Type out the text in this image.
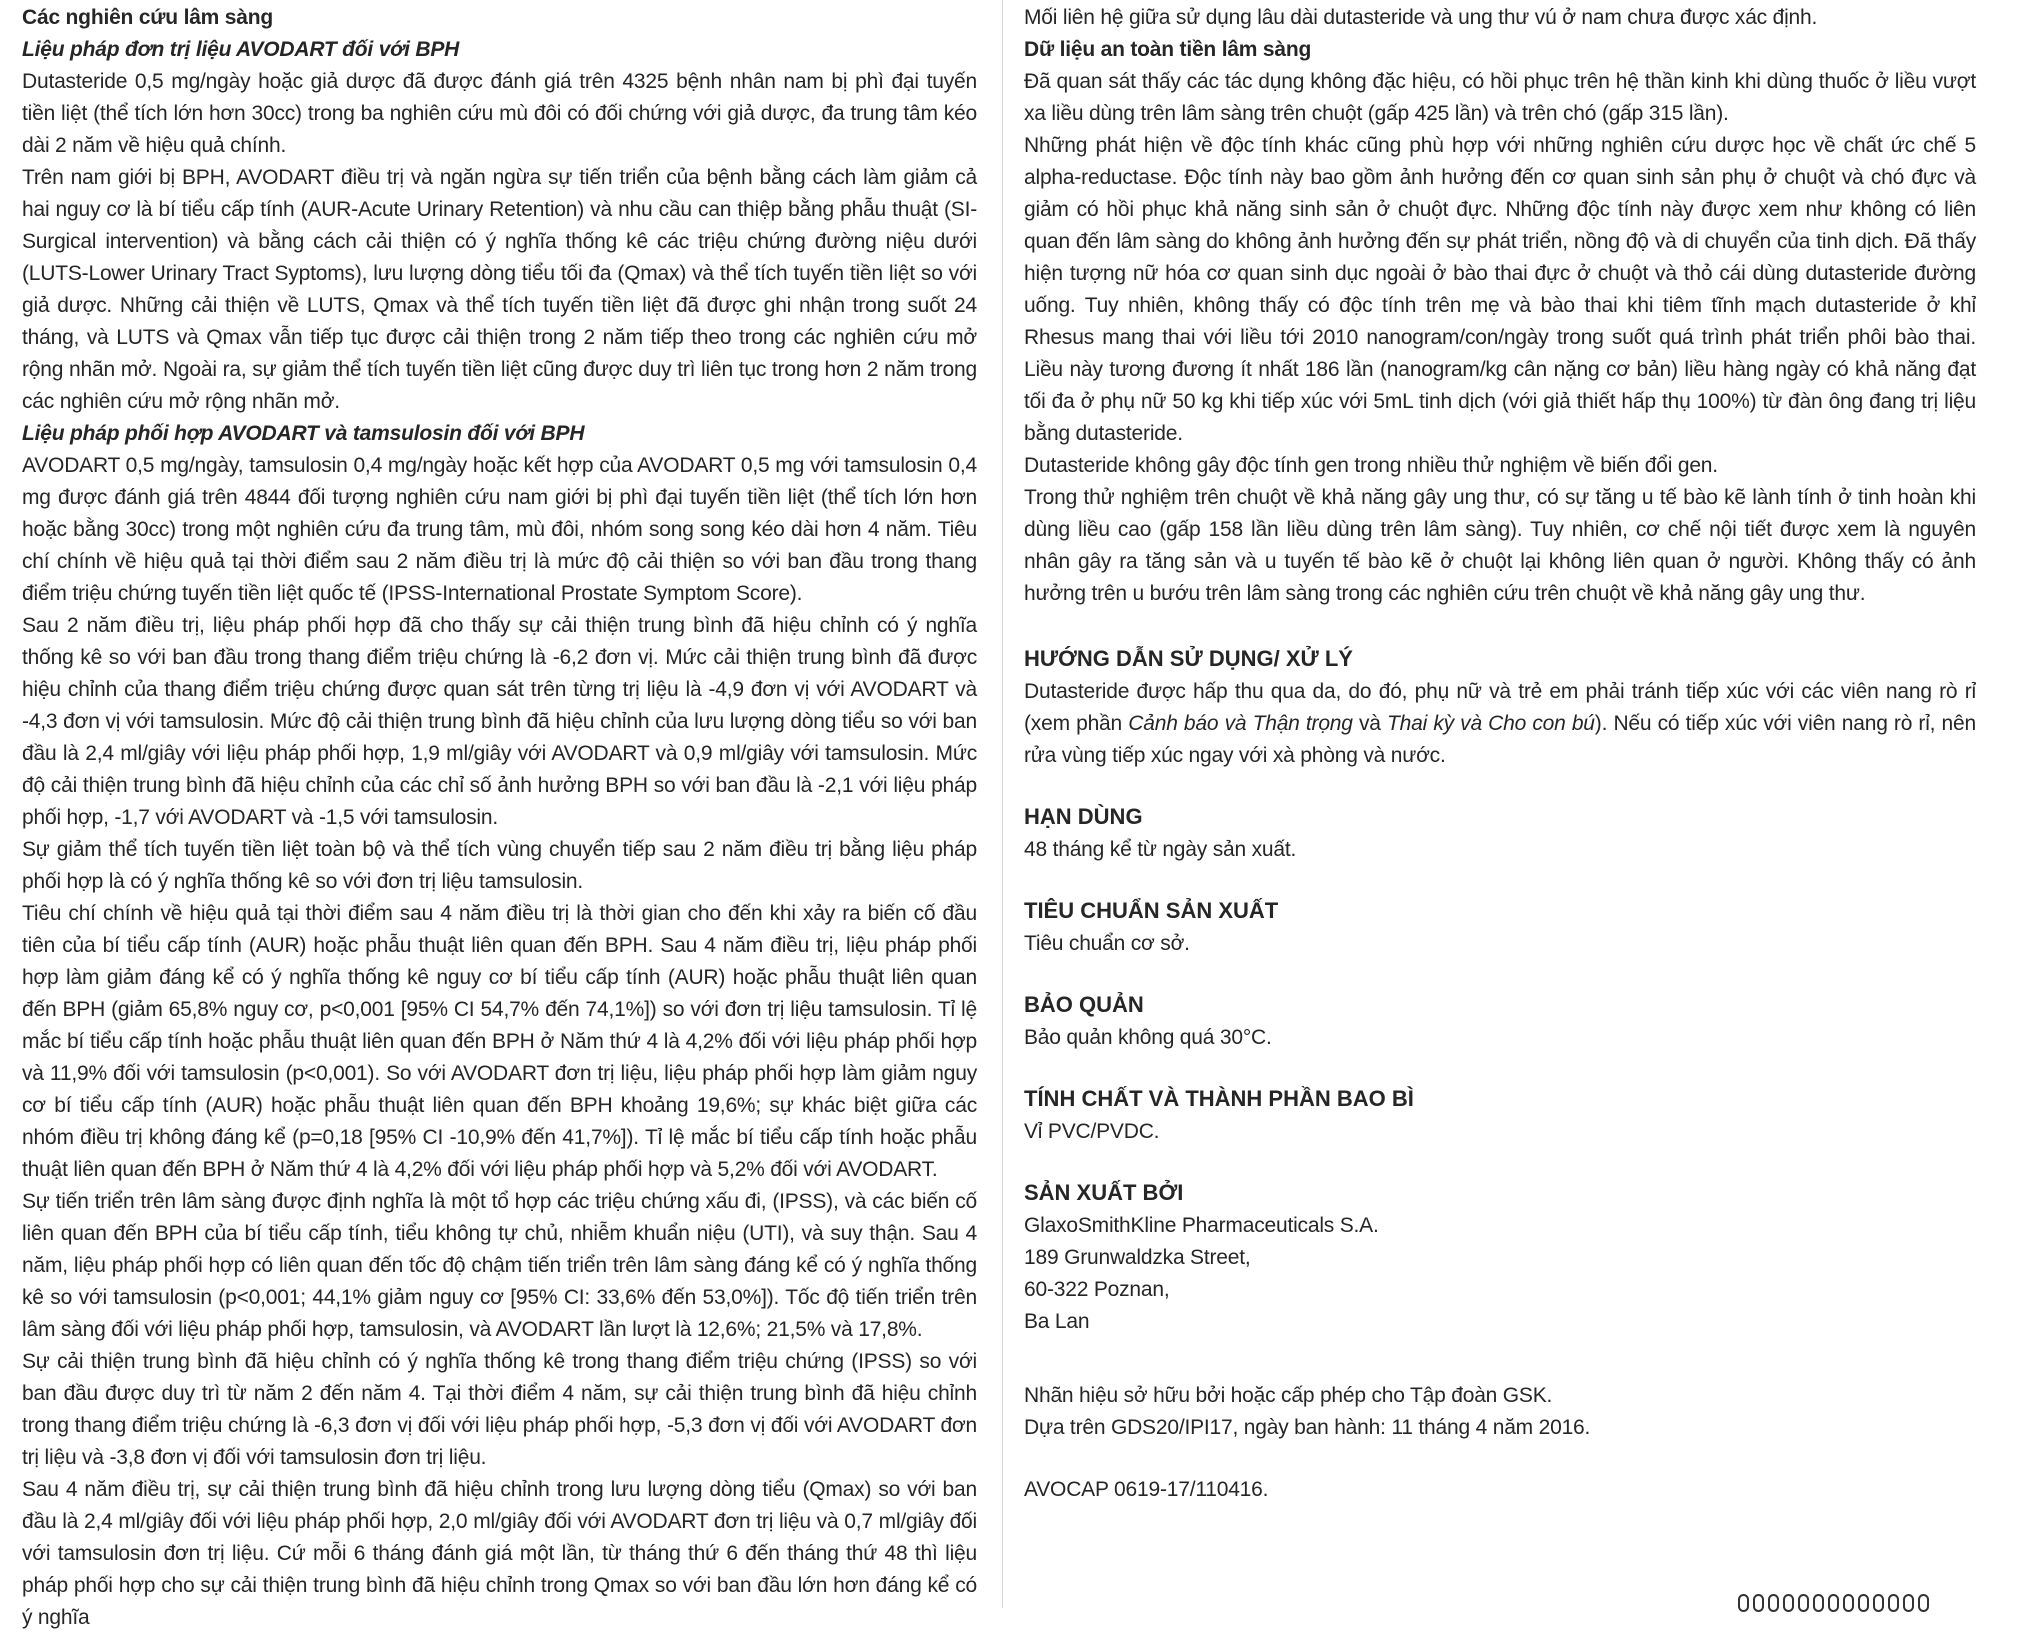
Các nghiên cứu lâm sàng

Liệu pháp đơn trị liệu AVODART đối với BPH

Dutasteride 0,5 mg/ngày hoặc giả dược đã được đánh giá trên 4325 bệnh nhân nam bị phì đại tuyến tiền liệt (thể tích lớn hơn 30cc) trong ba nghiên cứu mù đôi có đối chứng với giả dược, đa trung tâm kéo dài 2 năm về hiệu quả chính.

Trên nam giới bị BPH, AVODART điều trị và ngăn ngừa sự tiến triển của bệnh bằng cách làm giảm cả hai nguy cơ là bí tiểu cấp tính (AUR-Acute Urinary Retention) và nhu cầu can thiệp bằng phẫu thuật (SI-Surgical intervention) và bằng cách cải thiện có ý nghĩa thống kê các triệu chứng đường niệu dưới (LUTS-Lower Urinary Tract Syptoms), lưu lượng dòng tiểu tối đa (Qmax) và thể tích tuyến tiền liệt so với giả dược. Những cải thiện về LUTS, Qmax và thể tích tuyến tiền liệt đã được ghi nhận trong suốt 24 tháng, và LUTS và Qmax vẫn tiếp tục được cải thiện trong 2 năm tiếp theo trong các nghiên cứu mở rộng nhãn mở. Ngoài ra, sự giảm thể tích tuyến tiền liệt cũng được duy trì liên tục trong hơn 2 năm trong các nghiên cứu mở rộng nhãn mở.

Liệu pháp phối hợp AVODART và tamsulosin đối với BPH

AVODART 0,5 mg/ngày, tamsulosin 0,4 mg/ngày hoặc kết hợp của AVODART 0,5 mg với tamsulosin 0,4 mg được đánh giá trên 4844 đối tượng nghiên cứu nam giới bị phì đại tuyến tiền liệt (thể tích lớn hơn hoặc bằng 30cc) trong một nghiên cứu đa trung tâm, mù đôi, nhóm song song kéo dài hơn 4 năm. Tiêu chí chính về hiệu quả tại thời điểm sau 2 năm điều trị là mức độ cải thiện so với ban đầu trong thang điểm triệu chứng tuyến tiền liệt quốc tế (IPSS-International Prostate Symptom Score).

Sau 2 năm điều trị, liệu pháp phối hợp đã cho thấy sự cải thiện trung bình đã hiệu chỉnh có ý nghĩa thống kê so với ban đầu trong thang điểm triệu chứng là -6,2 đơn vị. Mức cải thiện trung bình đã được hiệu chỉnh của thang điểm triệu chứng được quan sát trên từng trị liệu là -4,9 đơn vị với AVODART và -4,3 đơn vị với tamsulosin. Mức độ cải thiện trung bình đã hiệu chỉnh của lưu lượng dòng tiểu so với ban đầu là 2,4 ml/giây với liệu pháp phối hợp, 1,9 ml/giây với AVODART và 0,9 ml/giây với tamsulosin. Mức độ cải thiện trung bình đã hiệu chỉnh của các chỉ số ảnh hưởng BPH so với ban đầu là -2,1 với liệu pháp phối hợp, -1,7 với AVODART và -1,5 với tamsulosin.

Sự giảm thể tích tuyến tiền liệt toàn bộ và thể tích vùng chuyển tiếp sau 2 năm điều trị bằng liệu pháp phối hợp là có ý nghĩa thống kê so với đơn trị liệu tamsulosin.

Tiêu chí chính về hiệu quả tại thời điểm sau 4 năm điều trị là thời gian cho đến khi xảy ra biến cố đầu tiên của bí tiểu cấp tính (AUR) hoặc phẫu thuật liên quan đến BPH. Sau 4 năm điều trị, liệu pháp phối hợp làm giảm đáng kể có ý nghĩa thống kê nguy cơ bí tiểu cấp tính (AUR) hoặc phẫu thuật liên quan đến BPH (giảm 65,8% nguy cơ, p<0,001 [95% CI 54,7% đến 74,1%]) so với đơn trị liệu tamsulosin. Tỉ lệ mắc bí tiểu cấp tính hoặc phẫu thuật liên quan đến BPH ở Năm thứ 4 là 4,2% đối với liệu pháp phối hợp và 11,9% đối với tamsulosin (p<0,001). So với AVODART đơn trị liệu, liệu pháp phối hợp làm giảm nguy cơ bí tiểu cấp tính (AUR) hoặc phẫu thuật liên quan đến BPH khoảng 19,6%; sự khác biệt giữa các nhóm điều trị không đáng kể (p=0,18 [95% CI -10,9% đến 41,7%]). Tỉ lệ mắc bí tiểu cấp tính hoặc phẫu thuật liên quan đến BPH ở Năm thứ 4 là 4,2% đối với liệu pháp phối hợp và 5,2% đối với AVODART.

Sự tiến triển trên lâm sàng được định nghĩa là một tổ hợp các triệu chứng xấu đi, (IPSS), và các biến cố liên quan đến BPH của bí tiểu cấp tính, tiểu không tự chủ, nhiễm khuẩn niệu (UTI), và suy thận. Sau 4 năm, liệu pháp phối hợp có liên quan đến tốc độ chậm tiến triển trên lâm sàng đáng kể có ý nghĩa thống kê so với tamsulosin (p<0,001; 44,1% giảm nguy cơ [95% CI: 33,6% đến 53,0%]). Tốc độ tiến triển trên lâm sàng đối với liệu pháp phối hợp, tamsulosin, và AVODART lần lượt là 12,6%; 21,5% và 17,8%.

Sự cải thiện trung bình đã hiệu chỉnh có ý nghĩa thống kê trong thang điểm triệu chứng (IPSS) so với ban đầu được duy trì từ năm 2 đến năm 4. Tại thời điểm 4 năm, sự cải thiện trung bình đã hiệu chỉnh trong thang điểm triệu chứng là -6,3 đơn vị đối với liệu pháp phối hợp, -5,3 đơn vị đối với AVODART đơn trị liệu và -3,8 đơn vị đối với tamsulosin đơn trị liệu.

Sau 4 năm điều trị, sự cải thiện trung bình đã hiệu chỉnh trong lưu lượng dòng tiểu (Qmax) so với ban đầu là 2,4 ml/giây đối với liệu pháp phối hợp, 2,0 ml/giây đối với AVODART đơn trị liệu và 0,7 ml/giây đối với tamsulosin đơn trị liệu. Cứ mỗi 6 tháng đánh giá một lần, từ tháng thứ 6 đến tháng thứ 48 thì liệu pháp phối hợp cho sự cải thiện trung bình đã hiệu chỉnh trong Qmax so với ban đầu lớn hơn đáng kể có ý nghĩa

Mối liên hệ giữa sử dụng lâu dài dutasteride và ung thư vú ở nam chưa được xác định.

Dữ liệu an toàn tiền lâm sàng

Đã quan sát thấy các tác dụng không đặc hiệu, có hồi phục trên hệ thần kinh khi dùng thuốc ở liều vượt xa liều dùng trên lâm sàng trên chuột (gấp 425 lần) và trên chó (gấp 315 lần).

Những phát hiện về độc tính khác cũng phù hợp với những nghiên cứu dược học về chất ức chế 5 alpha-reductase. Độc tính này bao gồm ảnh hưởng đến cơ quan sinh sản phụ ở chuột và chó đực và giảm có hồi phục khả năng sinh sản ở chuột đực. Những độc tính này được xem như không có liên quan đến lâm sàng do không ảnh hưởng đến sự phát triển, nồng độ và di chuyển của tinh dịch. Đã thấy hiện tượng nữ hóa cơ quan sinh dục ngoài ở bào thai đực ở chuột và thỏ cái dùng dutasteride đường uống. Tuy nhiên, không thấy có độc tính trên mẹ và bào thai khi tiêm tĩnh mạch dutasteride ở khỉ Rhesus mang thai với liều tới 2010 nanogram/con/ngày trong suốt quá trình phát triển phôi bào thai. Liều này tương đương ít nhất 186 lần (nanogram/kg cân nặng cơ bản) liều hàng ngày có khả năng đạt tối đa ở phụ nữ 50 kg khi tiếp xúc với 5mL tinh dịch (với giả thiết hấp thụ 100%) từ đàn ông đang trị liệu bằng dutasteride.

Dutasteride không gây độc tính gen trong nhiều thử nghiệm về biến đổi gen.

Trong thử nghiệm trên chuột về khả năng gây ung thư, có sự tăng u tế bào kẽ lành tính ở tinh hoàn khi dùng liều cao (gấp 158 lần liều dùng trên lâm sàng). Tuy nhiên, cơ chế nội tiết được xem là nguyên nhân gây ra tăng sản và u tuyến tế bào kẽ ở chuột lại không liên quan ở người. Không thấy có ảnh hưởng trên u bướu trên lâm sàng trong các nghiên cứu trên chuột về khả năng gây ung thư.

HƯỚNG DẪN SỬ DỤNG/ XỬ LÝ

Dutasteride được hấp thu qua da, do đó, phụ nữ và trẻ em phải tránh tiếp xúc với các viên nang rò rỉ (xem phần Cảnh báo và Thận trọng và Thai kỳ và Cho con bú). Nếu có tiếp xúc với viên nang rò rỉ, nên rửa vùng tiếp xúc ngay với xà phòng và nước.

HẠN DÙNG

48 tháng kể từ ngày sản xuất.

TIÊU CHUẨN SẢN XUẤT

Tiêu chuẩn cơ sở.

BẢO QUẢN

Bảo quản không quá 30°C.

TÍNH CHẤT VÀ THÀNH PHẦN BAO BÌ

Vỉ PVC/PVDC.

SẢN XUẤT BỞI

GlaxoSmithKline Pharmaceuticals S.A.

189 Grunwaldzka Street,

60-322 Poznan,

Ba Lan

Nhãn hiệu sở hữu bởi hoặc cấp phép cho Tập đoàn GSK.

Dựa trên GDS20/IPI17, ngày ban hành: 11 tháng 4 năm 2016.

AVOCAP 0619-17/110416.
